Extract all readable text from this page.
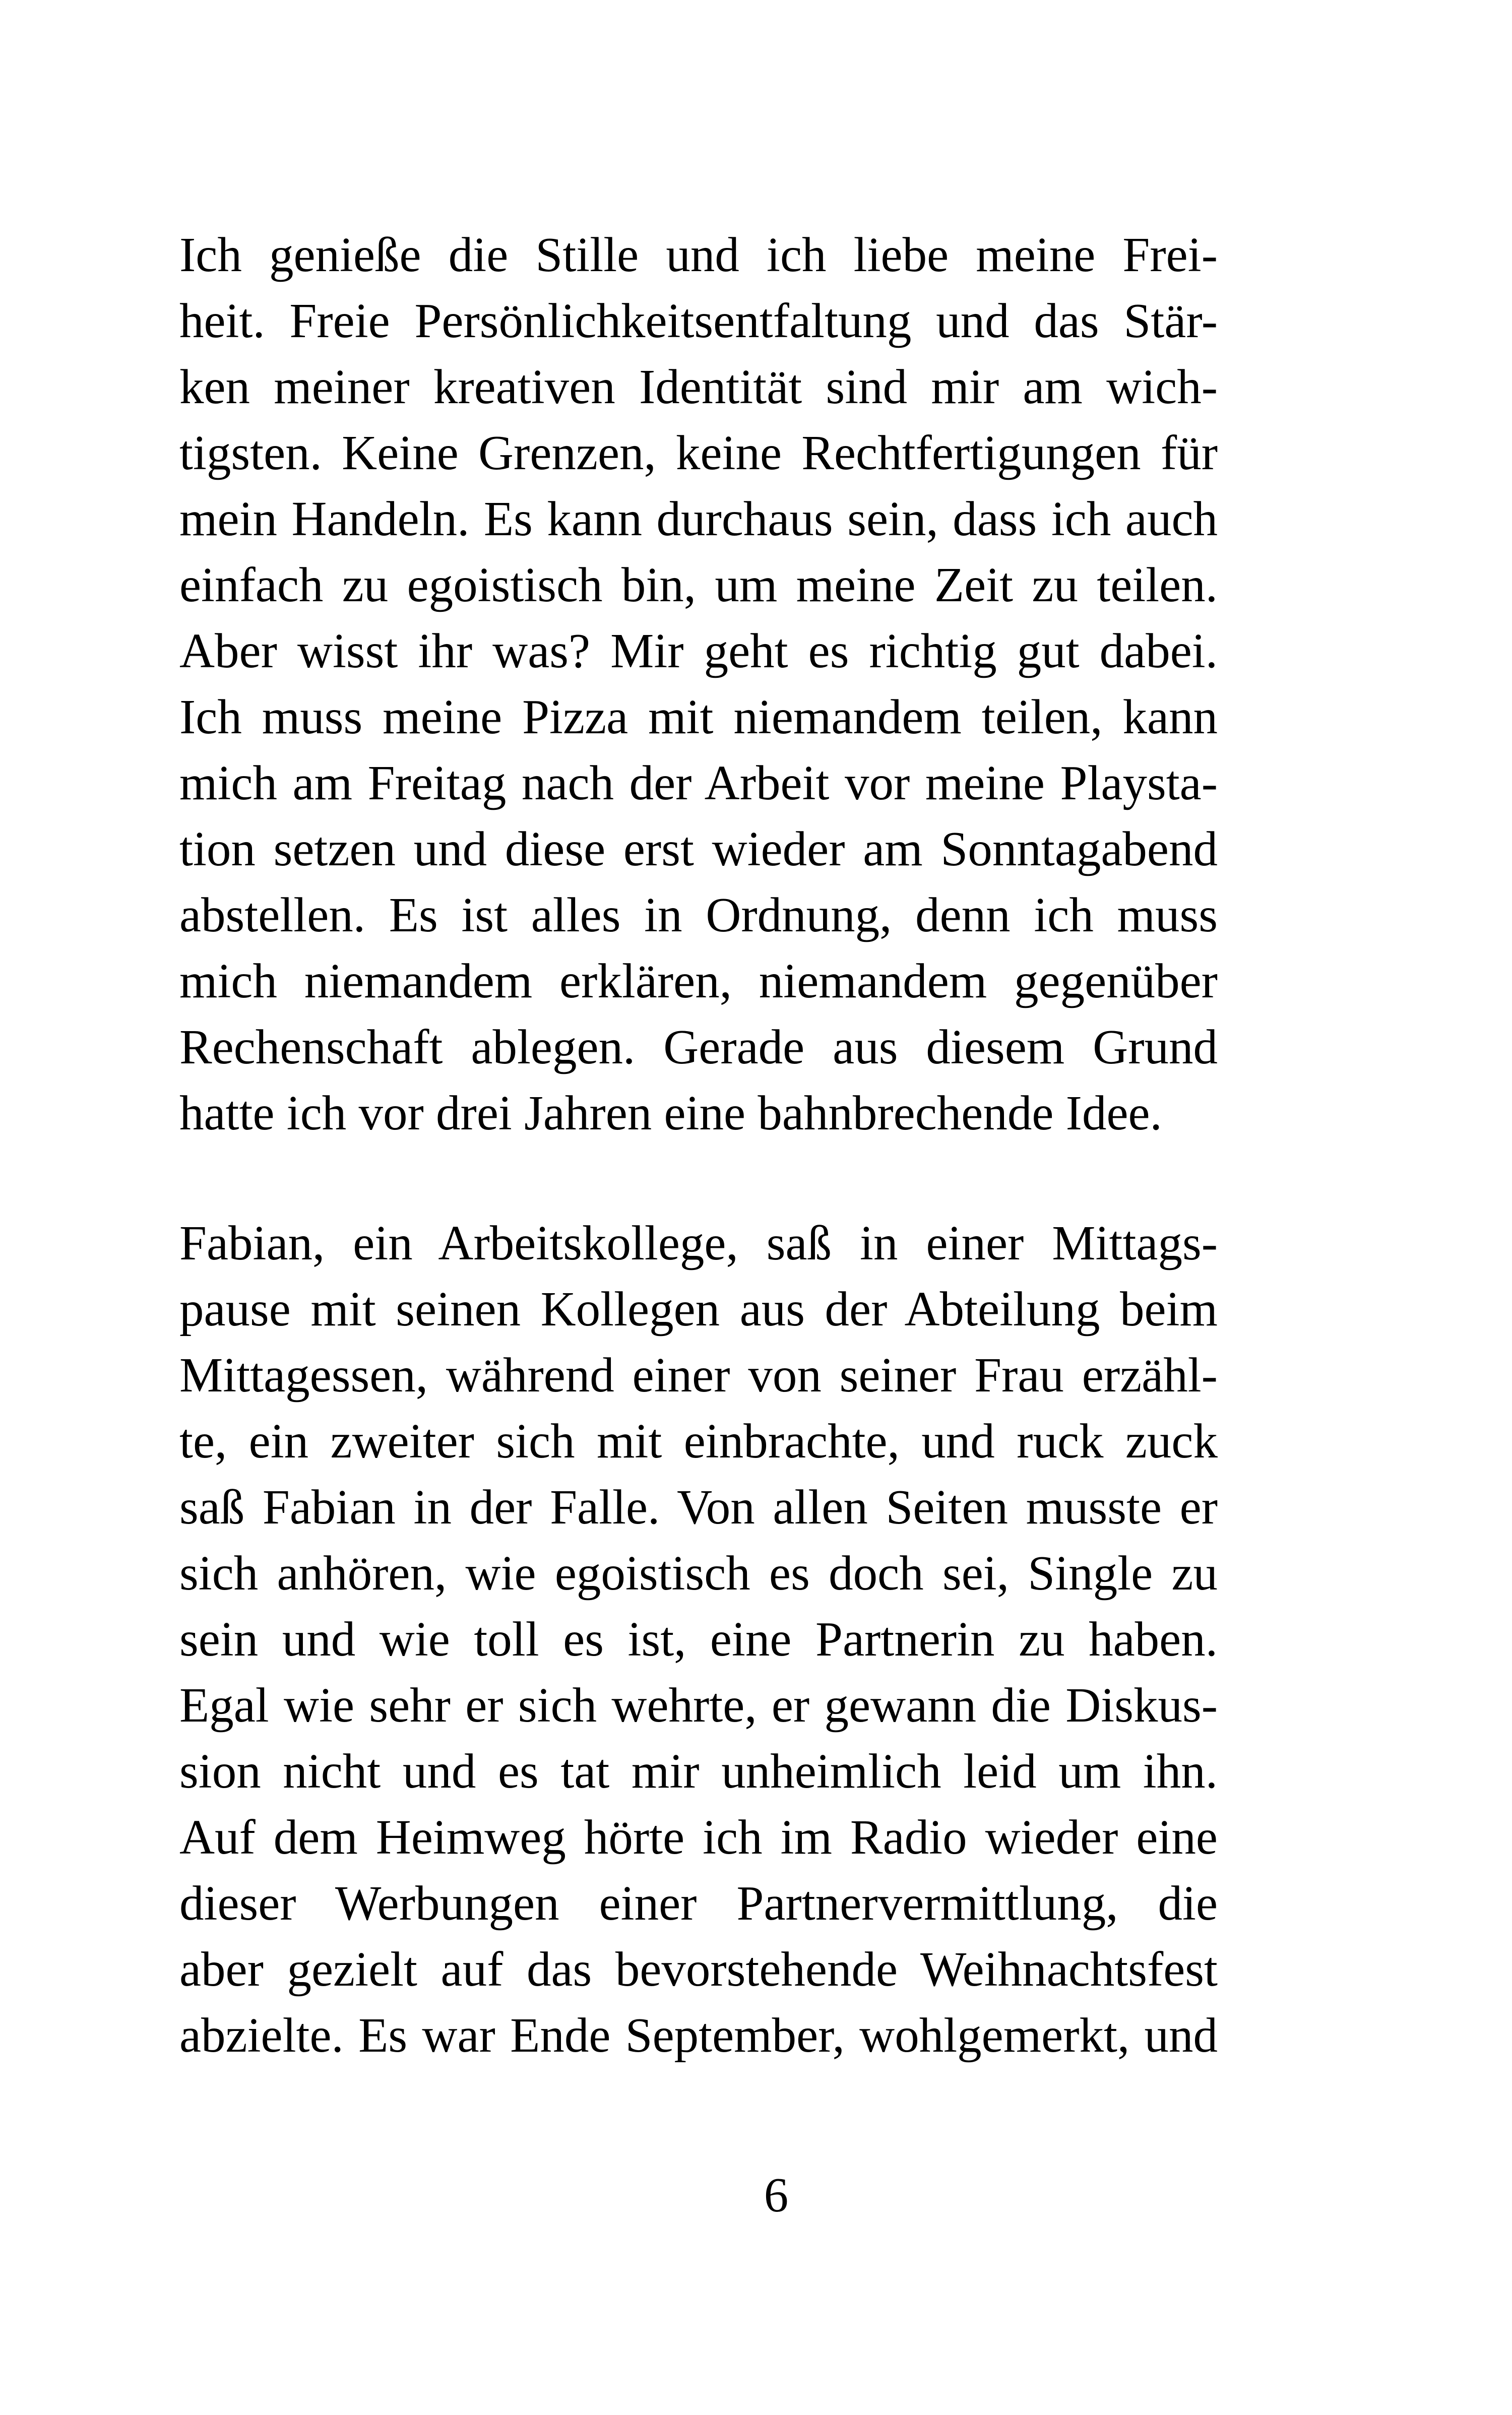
Ich genieße die Stille und ich liebe meine Frei-
heit. Freie Persönlichkeitsentfaltung und das Stär-
ken meiner kreativen Identität sind mir am wich-
tigsten. Keine Grenzen, keine Rechtfertigungen für
mein Handeln. Es kann durchaus sein, dass ich auch
einfach zu egoistisch bin, um meine Zeit zu teilen.
Aber wisst ihr was? Mir geht es richtig gut dabei.
Ich muss meine Pizza mit niemandem teilen, kann
mich am Freitag nach der Arbeit vor meine Playsta-
tion setzen und diese erst wieder am Sonntagabend
abstellen. Es ist alles in Ordnung, denn ich muss
mich niemandem erklären, niemandem gegenüber
Rechenschaft ablegen. Gerade aus diesem Grund
hatte ich vor drei Jahren eine bahnbrechende Idee.
Fabian, ein Arbeitskollege, saß in einer Mittags-
pause mit seinen Kollegen aus der Abteilung beim
Mittagessen, während einer von seiner Frau erzähl-
te, ein zweiter sich mit einbrachte, und ruck zuck
saß Fabian in der Falle. Von allen Seiten musste er
sich anhören, wie egoistisch es doch sei, Single zu
sein und wie toll es ist, eine Partnerin zu haben.
Egal wie sehr er sich wehrte, er gewann die Diskus-
sion nicht und es tat mir unheimlich leid um ihn.
Auf dem Heimweg hörte ich im Radio wieder eine
dieser Werbungen einer Partnervermittlung, die
aber gezielt auf das bevorstehende Weihnachtsfest
abzielte. Es war Ende September, wohlgemerkt, und
6
